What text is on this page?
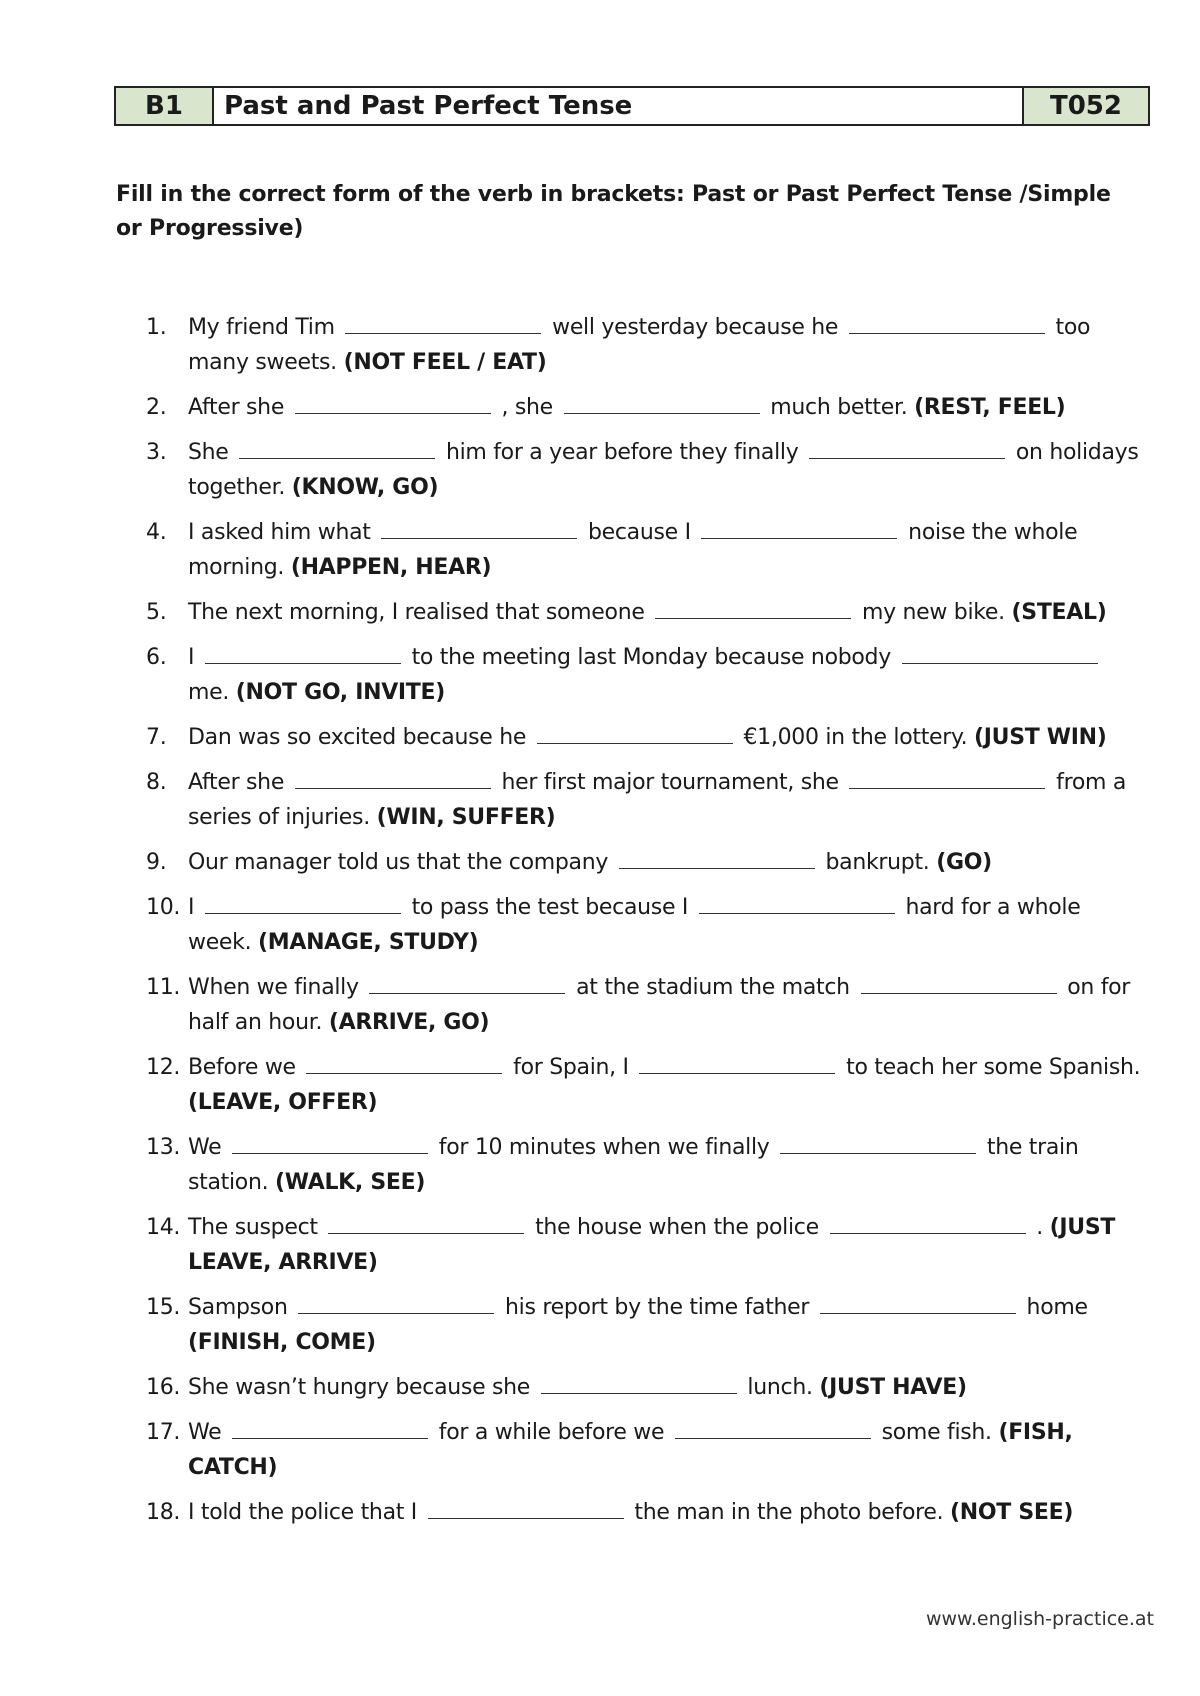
B1	Past and Past Perfect Tense	T052
Fill in the correct form of the verb in brackets: Past or Past Perfect Tense /Simple or Progressive)
1. My friend Tim	well yesterday because he	too many sweets. (NOT FEEL / EAT)
2. After she	, she	much better. (REST, FEEL)
3. She	him for a year before they finally	on holidays together. (KNOW, GO)
4. I asked him what	because I	noise the whole morning. (HAPPEN, HEAR)
5. The next morning, I realised that someone	my new bike. (STEAL)
6. I	to the meeting last Monday because nobody  me. (NOT GO, INVITE)
7. Dan was so excited because he	€1,000 in the lottery. (JUST WIN)
8. After she	her first major tournament, she	from a series of injuries. (WIN, SUFFER)
9. Our manager told us that the company	bankrupt. (GO)
10. I	to pass the test because I	hard for a whole week. (MANAGE, STUDY)
11. When we finally	at the stadium the match	on for half an hour. (ARRIVE, GO)
12. Before we	for Spain, I	to teach her some Spanish. (LEAVE, OFFER)
13. We	for 10 minutes when we finally	the train station. (WALK, SEE)
14. The suspect	the house when the police	. (JUST LEAVE, ARRIVE)
15. Sampson	his report by the time father	home (FINISH, COME)
16. She wasn’t hungry because she	lunch. (JUST HAVE)
17. We	for a while before we	some fish. (FISH, CATCH)
18. I told the police that I	the man in the photo before. (NOT SEE)
www.english-practice.at
